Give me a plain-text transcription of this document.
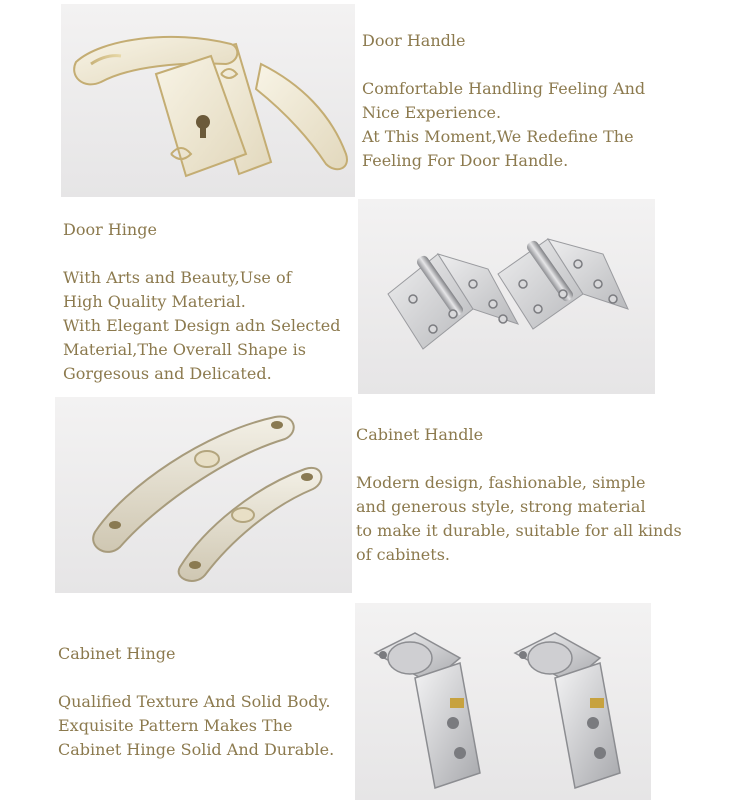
Door Handle
Comfortable Handling Feeling And
Nice Experience.
At This Moment,We Redefine The
Feeling For Door Handle.
Door Hinge
With Arts and Beauty,Use of
High Quality Material.
With Elegant Design adn Selected
Material,The Overall Shape is
Gorgesous and Delicated.
Cabinet Handle
Modern design, fashionable, simple
and generous style, strong material
to make it durable, suitable for all kinds
of cabinets.
Cabinet Hinge
Qualified Texture And Solid Body.
Exquisite Pattern Makes The
Cabinet Hinge Solid And Durable.
